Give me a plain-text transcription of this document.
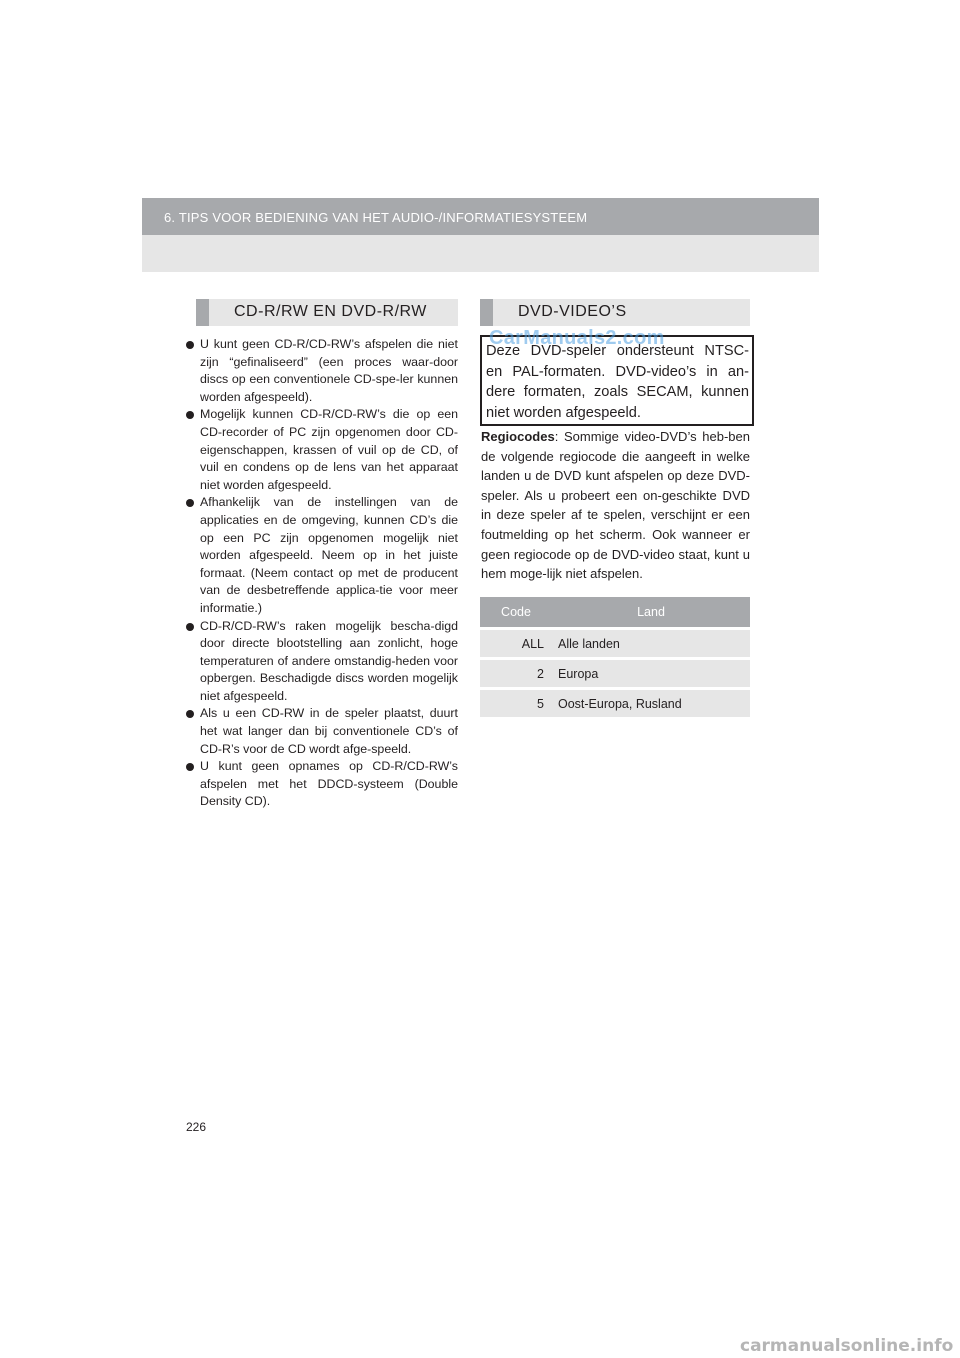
6. TIPS VOOR BEDIENING VAN HET AUDIO-/INFORMATIESYSTEEM
CD-R/RW EN DVD-R/RW
U kunt geen CD-R/CD-RW’s afspelen die niet zijn “gefinaliseerd” (een proces waar-door discs op een conventionele CD-spe-ler kunnen worden afgespeeld).
Mogelijk kunnen CD-R/CD-RW’s die op een CD-recorder of PC zijn opgenomen door CD-eigenschappen, krassen of vuil op de CD, of vuil en condens op de lens van het apparaat niet worden afgespeeld.
Afhankelijk van de instellingen van de applicaties en de omgeving, kunnen CD’s die op een PC zijn opgenomen mogelijk niet worden afgespeeld. Neem op in het juiste formaat. (Neem contact op met de producent van de desbetreffende applica-tie voor meer informatie.)
CD-R/CD-RW’s raken mogelijk bescha-digd door directe blootstelling aan zonlicht, hoge temperaturen of andere omstandig-heden voor opbergen. Beschadigde discs worden mogelijk niet afgespeeld.
Als u een CD-RW in de speler plaatst, duurt het wat langer dan bij conventionele CD’s of CD-R’s voor de CD wordt afge-speeld.
U kunt geen opnames op CD-R/CD-RW’s afspelen met het DDCD-systeem (Double Density CD).
DVD-VIDEO’S
Deze DVD-speler ondersteunt NTSC- en PAL-formaten. DVD-video’s in an-dere formaten, zoals SECAM, kunnen niet worden afgespeeld.
CarManuals2.com
Regiocodes: Sommige video-DVD’s heb-ben de volgende regiocode die aangeeft in welke landen u de DVD kunt afspelen op deze DVD-speler. Als u probeert een on-geschikte DVD in deze speler af te spelen, verschijnt er een foutmelding op het scherm. Ook wanneer er geen regiocode op de DVD-video staat, kunt u hem moge-lijk niet afspelen.
Code	Land
ALL	Alle landen
2	Europa
5	Oost-Europa, Rusland
226
carmanualsonline.info
